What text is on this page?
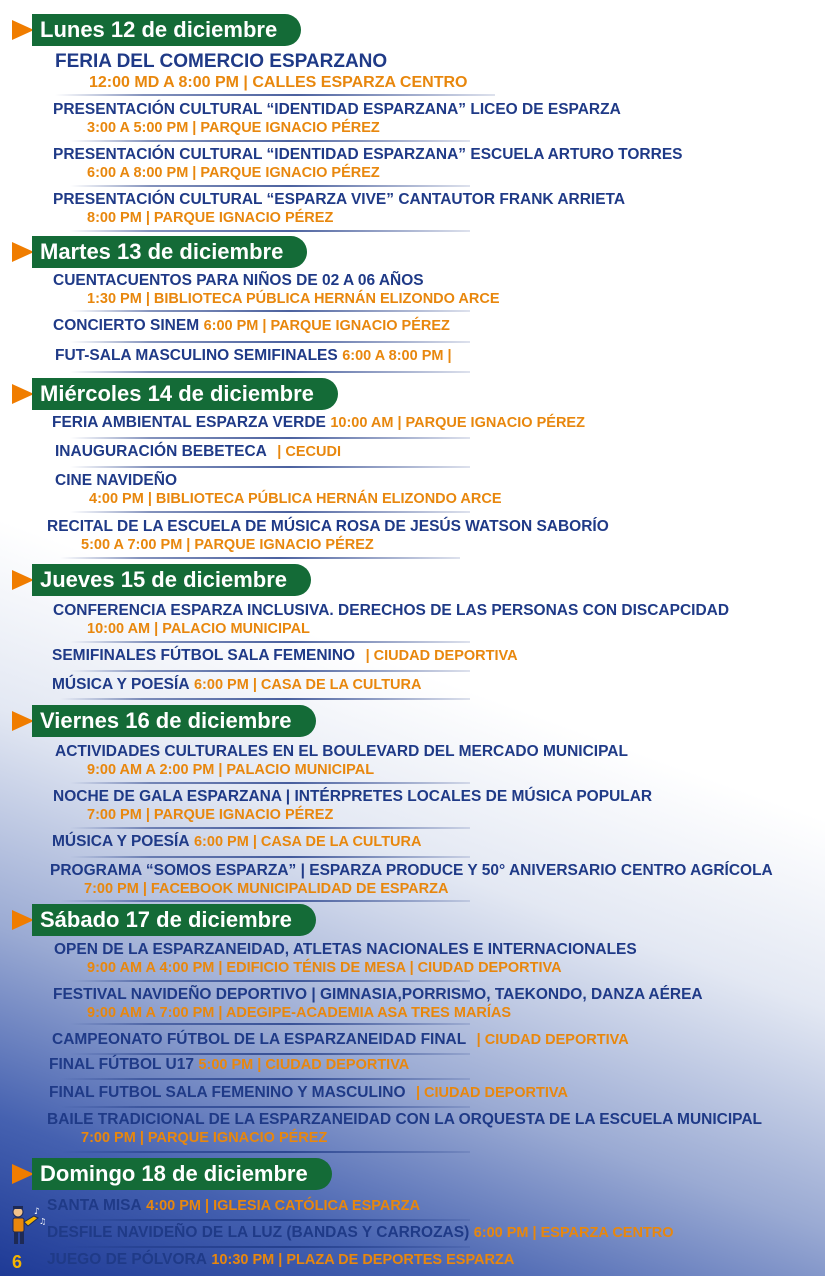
Lunes 12 de diciembre
FERIA DEL COMERCIO ESPARZANO
12:00 MD A 8:00 PM | CALLES ESPARZA CENTRO
PRESENTACIÓN CULTURAL “IDENTIDAD ESPARZANA” LICEO DE ESPARZA
3:00 A 5:00 PM | PARQUE IGNACIO PÉREZ
PRESENTACIÓN CULTURAL “IDENTIDAD ESPARZANA” ESCUELA ARTURO TORRES
6:00 A 8:00 PM | PARQUE IGNACIO PÉREZ
PRESENTACIÓN CULTURAL “ESPARZA VIVE” CANTAUTOR FRANK ARRIETA
8:00 PM | PARQUE IGNACIO PÉREZ
Martes 13 de diciembre
CUENTACUENTOS PARA NIÑOS DE 02 A 06 AÑOS
1:30 PM | BIBLIOTECA PÚBLICA HERNÁN ELIZONDO ARCE
CONCIERTO SINEM 6:00 PM | PARQUE IGNACIO PÉREZ
FUT-SALA MASCULINO SEMIFINALES 6:00 A 8:00 PM |
Miércoles 14 de diciembre
FERIA AMBIENTAL ESPARZA VERDE 10:00 AM | PARQUE IGNACIO PÉREZ
INAUGURACIÓN BEBETECA | CECUDI
CINE NAVIDEÑO
4:00 PM | BIBLIOTECA PÚBLICA HERNÁN ELIZONDO ARCE
RECITAL DE LA ESCUELA DE MÚSICA ROSA DE JESÚS WATSON SABORÍO
5:00 A 7:00 PM | PARQUE IGNACIO PÉREZ
Jueves 15 de diciembre
CONFERENCIA ESPARZA INCLUSIVA. DERECHOS DE LAS PERSONAS CON DISCAPCIDAD
10:00 AM | PALACIO MUNICIPAL
SEMIFINALES FÚTBOL SALA FEMENINO | CIUDAD DEPORTIVA
MÚSICA Y POESÍA 6:00 PM | CASA DE LA CULTURA
Viernes 16 de diciembre
ACTIVIDADES CULTURALES EN EL BOULEVARD DEL MERCADO MUNICIPAL
9:00 AM A 2:00 PM | PALACIO MUNICIPAL
NOCHE DE GALA ESPARZANA | INTÉRPRETES LOCALES DE MÚSICA POPULAR
7:00 PM | PARQUE IGNACIO PÉREZ
MÚSICA Y POESÍA 6:00 PM | CASA DE LA CULTURA
PROGRAMA “SOMOS ESPARZA” | ESPARZA PRODUCE Y 50° ANIVERSARIO CENTRO AGRÍCOLA
7:00 PM | FACEBOOK MUNICIPALIDAD DE ESPARZA
Sábado 17 de diciembre
OPEN DE LA ESPARZANEIDAD, ATLETAS NACIONALES E INTERNACIONALES
9:00 AM A 4:00 PM | EDIFICIO TÉNIS DE MESA | CIUDAD DEPORTIVA
FESTIVAL NAVIDEÑO DEPORTIVO | GIMNASIA,PORRISMO, TAEKONDO, DANZA AÉREA
9:00 AM A 7:00 PM | ADEGIPE-ACADEMIA ASA TRES MARÍAS
CAMPEONATO FÚTBOL DE LA ESPARZANEIDAD FINAL | CIUDAD DEPORTIVA
FINAL FÚTBOL U17 5:00 PM | CIUDAD DEPORTIVA
FINAL FUTBOL SALA FEMENINO Y MASCULINO | CIUDAD DEPORTIVA
BAILE TRADICIONAL DE LA ESPARZANEIDAD CON LA ORQUESTA DE LA ESCUELA MUNICIPAL
7:00 PM | PARQUE IGNACIO PÉREZ
Domingo 18 de diciembre
SANTA MISA 4:00 PM | IGLESIA CATÓLICA ESPARZA
DESFILE NAVIDEÑO DE LA LUZ (BANDAS Y CARROZAS) 6:00 PM | ESPARZA CENTRO
JUEGO DE PÓLVORA 10:30 PM | PLAZA DE DEPORTES ESPARZA
♪
♫
6
